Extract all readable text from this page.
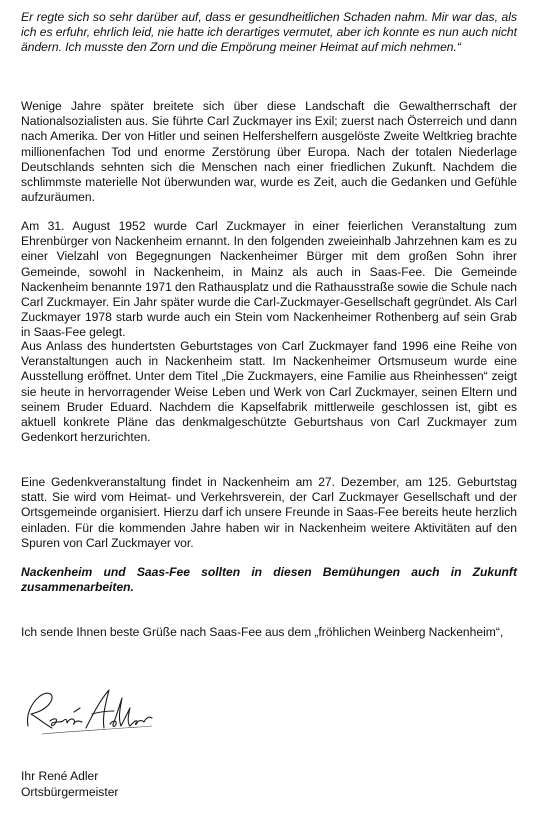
Er regte sich so sehr darüber auf, dass er gesundheitlichen Schaden nahm. Mir war das, als ich es erfuhr, ehrlich leid, nie hatte ich derartiges vermutet, aber ich konnte es nun auch nicht ändern. Ich musste den Zorn und die Empörung meiner Heimat auf mich nehmen.“

Wenige Jahre später breitete sich über diese Landschaft die Gewaltherrschaft der Nationalsozialisten aus. Sie führte Carl Zuckmayer ins Exil; zuerst nach Österreich und dann nach Amerika. Der von Hitler und seinen Helfershelfern ausgelöste Zweite Weltkrieg brachte millionenfachen Tod und enorme Zerstörung über Europa. Nach der totalen Niederlage Deutschlands sehnten sich die Menschen nach einer friedlichen Zukunft. Nachdem die schlimmste materielle Not überwunden war, wurde es Zeit, auch die Gedanken und Gefühle aufzuräumen.

Am 31. August 1952 wurde Carl Zuckmayer in einer feierlichen Veranstaltung zum Ehrenbürger von Nackenheim ernannt. In den folgenden zweieinhalb Jahrzehnen kam es zu einer Vielzahl von Begegnungen Nackenheimer Bürger mit dem großen Sohn ihrer Gemeinde, sowohl in Nackenheim, in Mainz als auch in Saas-Fee. Die Gemeinde Nackenheim benannte 1971 den Rathausplatz und die Rathausstraße sowie die Schule nach Carl Zuckmayer. Ein Jahr später wurde die Carl-Zuckmayer-Gesellschaft gegründet. Als Carl Zuckmayer 1978 starb wurde auch ein Stein vom Nackenheimer Rothenberg auf sein Grab in Saas-Fee gelegt.

Aus Anlass des hundertsten Geburtstages von Carl Zuckmayer fand 1996 eine Reihe von Veranstaltungen auch in Nackenheim statt. Im Nackenheimer Ortsmuseum wurde eine Ausstellung eröffnet. Unter dem Titel „Die Zuckmayers, eine Familie aus Rheinhessen“ zeigt sie heute in hervorragender Weise Leben und Werk von Carl Zuckmayer, seinen Eltern und seinem Bruder Eduard. Nachdem die Kapselfabrik mittlerweile geschlossen ist, gibt es aktuell konkrete Pläne das denkmalgeschützte Geburtshaus von Carl Zuckmayer zum Gedenkort herzurichten.

Eine Gedenkveranstaltung findet in Nackenheim am 27. Dezember, am 125. Geburtstag statt. Sie wird vom Heimat- und Verkehrsverein, der Carl Zuckmayer Gesellschaft und der Ortsgemeinde organisiert. Hierzu darf ich unsere Freunde in Saas-Fee bereits heute herzlich einladen. Für die kommenden Jahre haben wir in Nackenheim weitere Aktivitäten auf den Spuren von Carl Zuckmayer vor.

Nackenheim und Saas-Fee sollten in diesen Bemühungen auch in Zukunft zusammenarbeiten.

Ich sende Ihnen beste Grüße nach Saas-Fee aus dem „fröhlichen Weinberg Nackenheim“,

Ihr René Adler

Ortsbürgermeister
